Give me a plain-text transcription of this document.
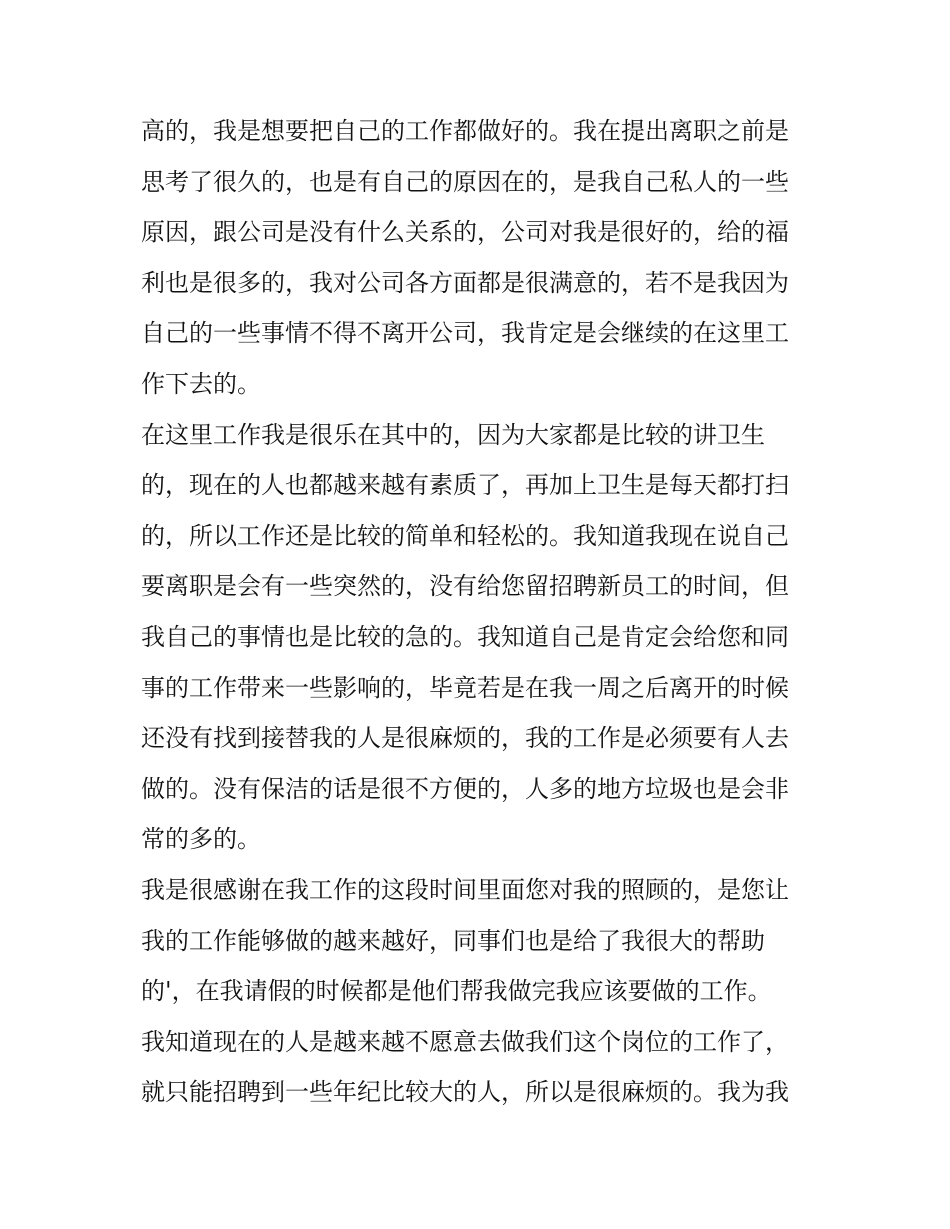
高的，我是想要把自己的工作都做好的。我在提出离职之前是
思考了很久的，也是有自己的原因在的，是我自己私人的一些
原因，跟公司是没有什么关系的，公司对我是很好的，给的福
利也是很多的，我对公司各方面都是很满意的，若不是我因为
自己的一些事情不得不离开公司，我肯定是会继续的在这里工
作下去的。
在这里工作我是很乐在其中的，因为大家都是比较的讲卫生
的，现在的人也都越来越有素质了，再加上卫生是每天都打扫
的，所以工作还是比较的简单和轻松的。我知道我现在说自己
要离职是会有一些突然的，没有给您留招聘新员工的时间，但
我自己的事情也是比较的急的。我知道自己是肯定会给您和同
事的工作带来一些影响的，毕竟若是在我一周之后离开的时候
还没有找到接替我的人是很麻烦的，我的工作是必须要有人去
做的。没有保洁的话是很不方便的，人多的地方垃圾也是会非
常的多的。
我是很感谢在我工作的这段时间里面您对我的照顾的，是您让
我的工作能够做的越来越好，同事们也是给了我很大的帮助
的'，在我请假的时候都是他们帮我做完我应该要做的工作。
我知道现在的人是越来越不愿意去做我们这个岗位的工作了，
就只能招聘到一些年纪比较大的人，所以是很麻烦的。我为我
